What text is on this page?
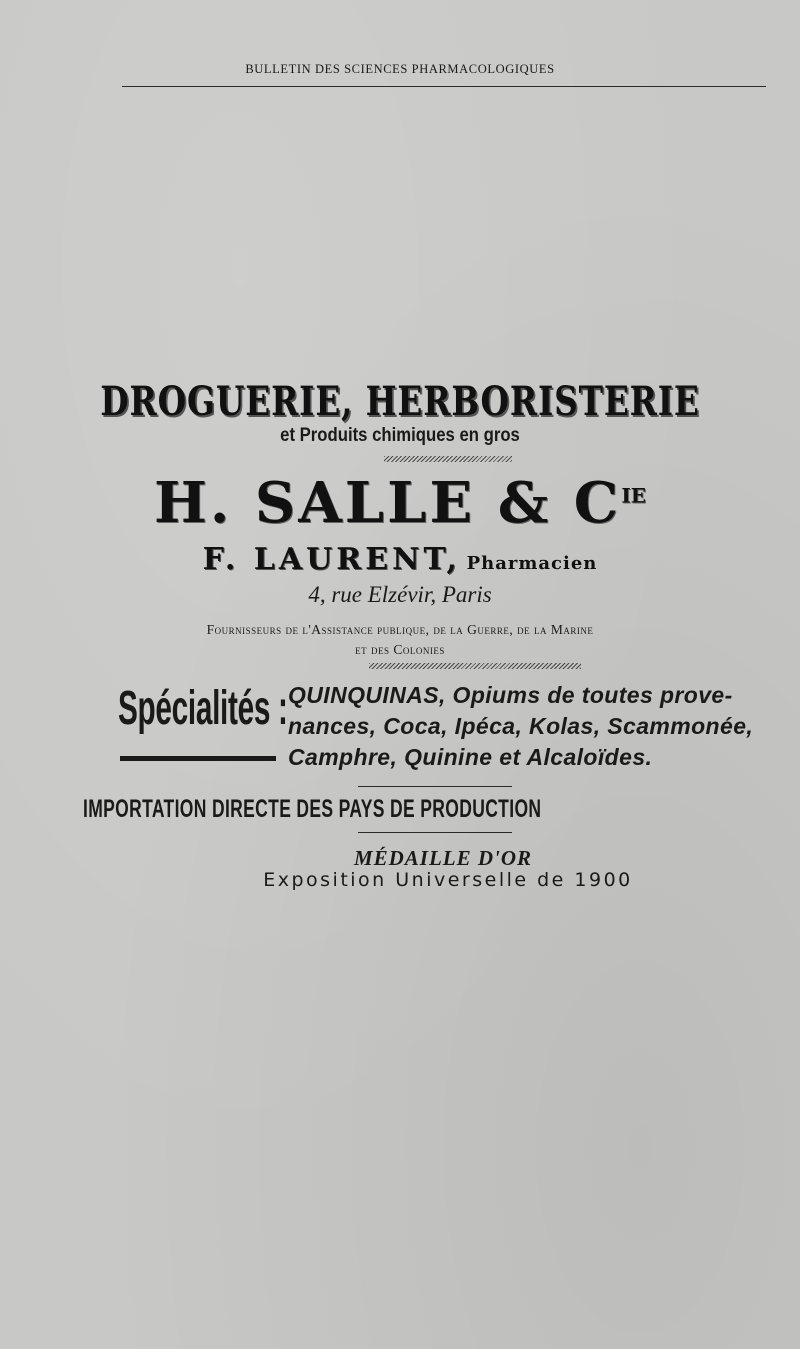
BULLETIN DES SCIENCES PHARMACOLOGIQUES
DROGUERIE, HERBORISTERIE
et Produits chimiques en gros
H. SALLE & $C^{IE}$
F. LAURENT, Pharmacien
4, rue Elzévir, Paris
Fournisseurs de l'Assistance publique, de la Guerre, de la Marine
et des Colonies
Spécialités : QUINQUINAS, Opiums de toutes prove-
nances, Coca, Ipéca, Kolas, Scammonée,
Camphre, Quinine et Alcaloïdes.
IMPORTATION DIRECTE DES PAYS DE PRODUCTION
MÉDAILLE D'OR
Exposition Universelle de 1900
